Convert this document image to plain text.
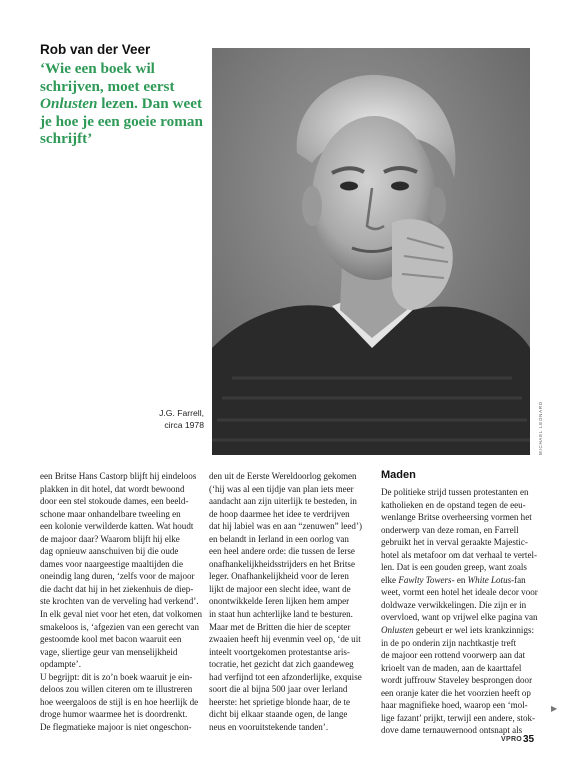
Rob van der Veer
‘Wie een boek wil schrijven, moet eerst Onlusten lezen. Dan weet je hoe je een goeie roman schrijft’
MICHAEL LEONARD
J.G. Farrell,
circa 1978

een Britse Hans Castorp blijft hij eindeloos

plakken in dit hotel, dat wordt bewoond

door een stel stokoude dames, een beeld-

schone maar onhandelbare tweeling en

een kolonie verwilderde katten. Wat houdt

de majoor daar? Waarom blijft hij elke

dag opnieuw aanschuiven bij die oude

dames voor naargeestige maaltijden die

oneindig lang duren, ‘zelfs voor de majoor

die dacht dat hij in het ziekenhuis de diep-

ste krochten van de verveling had verkend’.

In elk geval niet voor het eten, dat volkomen

smakeloos is, ‘afgezien van een gerecht van

gestoomde kool met bacon waaruit een

vage, sliertige geur van menselijkheid

opdampte’.

U begrijpt: dit is zo’n boek waaruit je ein-

deloos zou willen citeren om te illustreren

hoe weergaloos de stijl is en hoe heerlijk de

droge humor waarmee het is doordrenkt.

De flegmatieke majoor is niet ongeschon-

den uit de Eerste Wereldoorlog gekomen

(‘hij was al een tijdje van plan iets meer

aandacht aan zijn uiterlijk te besteden, in

de hoop daarmee het idee te verdrijven

dat hij labiel was en aan “zenuwen” leed’)

en belandt in Ierland in een oorlog van

een heel andere orde: die tussen de Ierse

onafhankelijkheidsstrijders en het Britse

leger. Onafhankelijkheid voor de Ieren

lijkt de majoor een slecht idee, want de

onontwikkelde Ieren lijken hem amper

in staat hun achterlijke land te besturen.

Maar met de Britten die hier de scepter

zwaaien heeft hij evenmin veel op, ‘de uit

inteelt voortgekomen protestantse aris-

tocratie, het gezicht dat zich gaandeweg

had verfijnd tot een afzonderlijke, exquise

soort die al bijna 500 jaar over Ierland

heerste: het sprietige blonde haar, de te

dicht bij elkaar staande ogen, de lange

neus en vooruitstekende tanden’.

Maden

De politieke strijd tussen protestanten en

katholieken en de opstand tegen de eeu-

wenlange Britse overheersing vormen het

onderwerp van deze roman, en Farrell

gebruikt het in verval geraakte Majestic-

hotel als metafoor om dat verhaal te vertel-

len. Dat is een gouden greep, want zoals

elke Fawlty Towers- en White Lotus-fan

weet, vormt een hotel het ideale decor voor

doldwaze verwikkelingen. Die zijn er in

overvloed, want op vrijwel elke pagina van

Onlusten gebeurt er wel iets krankzinnigs:

in de po onderin zijn nachtkastje treft

de majoor een rottend voorwerp aan dat

krioelt van de maden, aan de kaarttafel

wordt juffrouw Staveley besprongen door

een oranje kater die het voorzien heeft op

haar magnifieke hoed, waarop een ‘mol-

lige fazant’ prijkt, terwijl een andere, stok-

dove dame ternauwernood ontsnapt als

▶
VPRO 35
